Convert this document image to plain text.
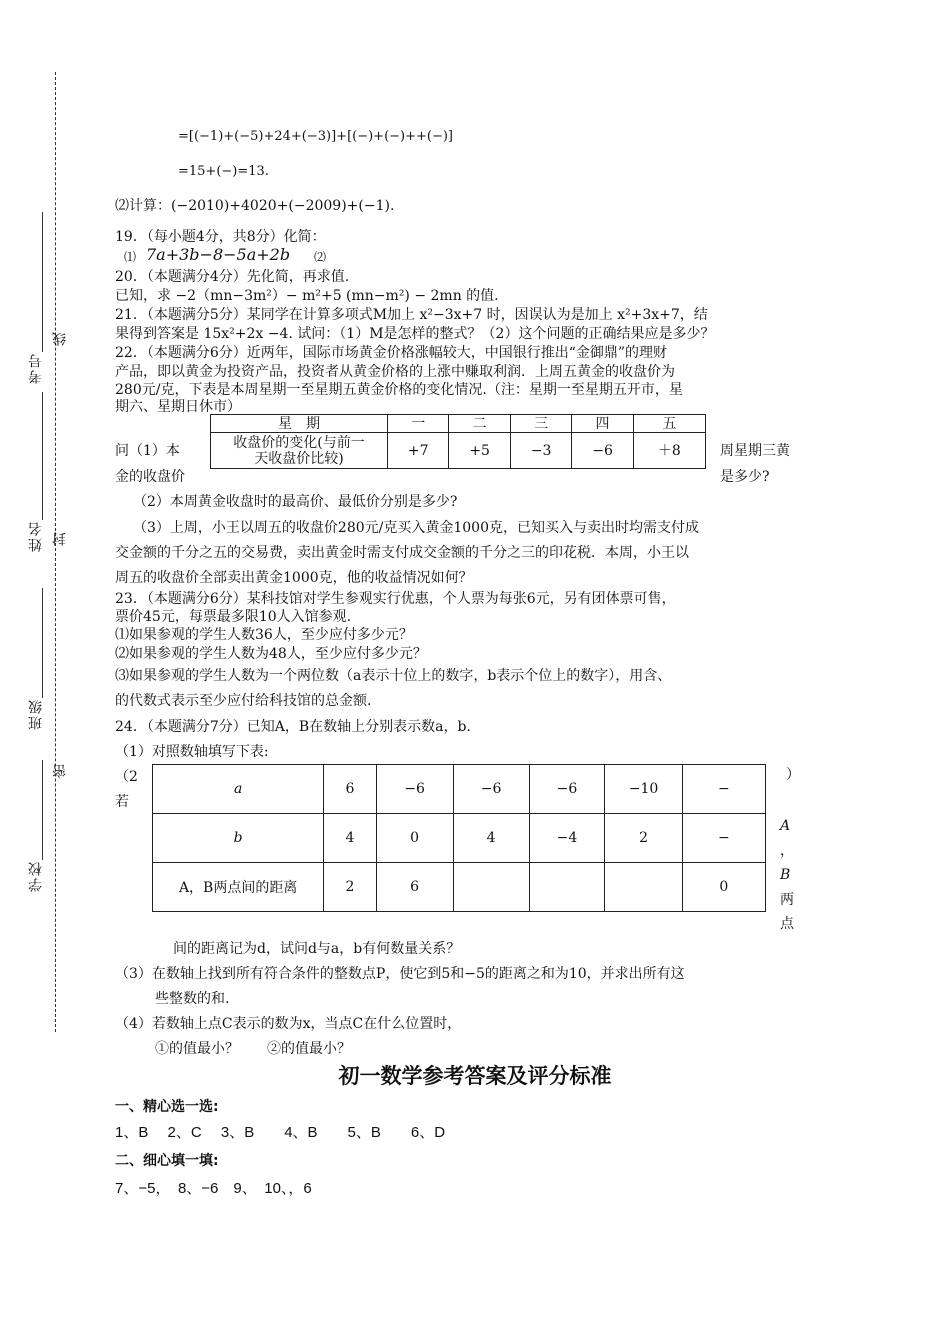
考号
线
姓名 封
班级
密
学校
=[(−1)+(−5)+24+(−3)]+[(−)+(−)++(−)]
=15+(−)=13.
⑵计算：(−2010)+4020+(−2009)+(−1).
19．（每小题4分，共8分）化简：
⑴ 7a+3b−8−5a+2b ⑵
20．（本题满分4分）先化简，再求值.
已知，求 −2（mn−3m²）− m²+5 (mn−m²) − 2mn 的值.
21．（本题满分5分）某同学在计算多项式M加上 x²−3x+7 时，因误认为是加上 x²+3x+7，结
果得到答案是 15x²+2x −4. 试问：（1）M是怎样的整式？（2）这个问题的正确结果应是多少？
22．（本题满分6分）近两年，国际市场黄金价格涨幅较大，中国银行推出“金御鼎”的理财
产品，即以黄金为投资产品，投资者从黄金价格的上涨中赚取利润．上周五黄金的收盘价为
280元/克，下表是本周星期一至星期五黄金价格的变化情况.（注：星期一至星期五开市，星
期六、星期日休市）
星　期	一	二	三	四	五
收盘价的变化(与前一
天收盘价比较)	+7	+5	−3	−6	＋8
问（1）本
金的收盘价
周星期三黄
是多少?
（2）本周黄金收盘时的最高价、最低价分别是多少?
（3）上周，小王以周五的收盘价280元/克买入黄金1000克，已知买入与卖出时均需支付成
交金额的千分之五的交易费，卖出黄金时需支付成交金额的千分之三的印花税．本周，小王以
周五的收盘价全部卖出黄金1000克，他的收益情况如何？
23．（本题满分6分）某科技馆对学生参观实行优惠，个人票为每张6元，另有团体票可售，
票价45元，每票最多限10人入馆参观.
⑴如果参观的学生人数36人，至少应付多少元？
⑵如果参观的学生人数为48人，至少应付多少元？
⑶如果参观的学生人数为一个两位数（a表示十位上的数字，b表示个位上的数字），用含、
的代数式表示至少应付给科技馆的总金额.
24．（本题满分7分）已知A，B在数轴上分别表示数a，b.
（1）对照数轴填写下表:
（2
若
）
A
，
B
两
点
a	6	−6	−6	−6	−10	−
b	4	0	4	−4	2	−
A，B两点间的距离	2	6				0
间的距离记为d，试问d与a，b有何数量关系？
（3）在数轴上找到所有符合条件的整数点P，使它到5和−5的距离之和为10，并求出所有这
些整数的和.
（4）若数轴上点C表示的数为x，当点C在什么位置时，
①的值最小？　　②的值最小？
初一数学参考答案及评分标准
一、精心选一选:
1、B　 2、C　 3、B　　4、B　　5、B　　6、D
二、细心填一填:
7、−5，　8、−6　9、　10、，6
